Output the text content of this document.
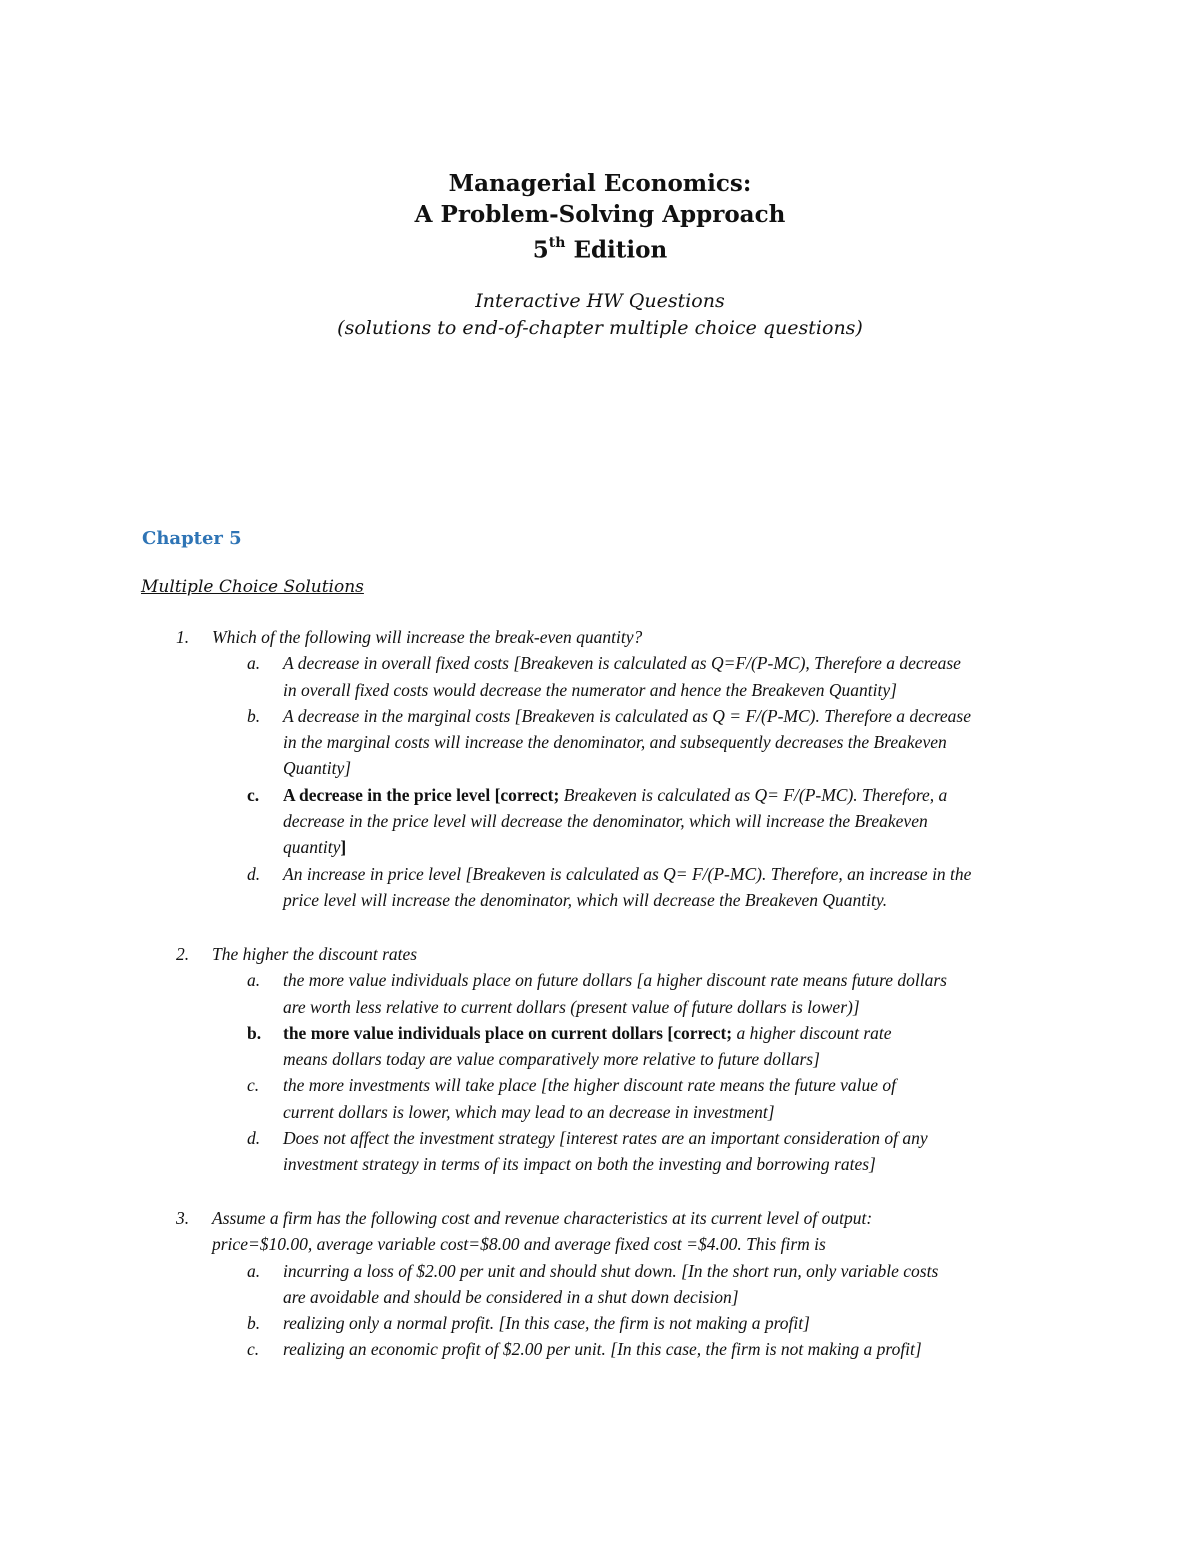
Managerial Economics:
A Problem-Solving Approach
5th Edition
Interactive HW Questions
(solutions to end-of-chapter multiple choice questions)
Chapter 5
Multiple Choice Solutions
1. Which of the following will increase the break-even quantity?

a. A decrease in overall fixed costs [Breakeven is calculated as Q=F/(P-MC), Therefore a decrease
in overall fixed costs would decrease the numerator and hence the Breakeven Quantity]
b. A decrease in the marginal costs [Breakeven is calculated as Q = F/(P-MC). Therefore a decrease
in the marginal costs will increase the denominator, and subsequently decreases the Breakeven
Quantity]
c. A decrease in the price level [correct; Breakeven is calculated as Q= F/(P-MC). Therefore, a
decrease in the price level will decrease the denominator, which will increase the Breakeven
quantity]
d. An increase in price level [Breakeven is calculated as Q= F/(P-MC). Therefore, an increase in the
price level will increase the denominator, which will decrease the Breakeven Quantity.
2. The higher the discount rates

a. the more value individuals place on future dollars [a higher discount rate means future dollars
are worth less relative to current dollars (present value of future dollars is lower)]
b. the more value individuals place on current dollars [correct; a higher discount rate
means dollars today are value comparatively more relative to future dollars]
c. the more investments will take place [the higher discount rate means the future value of
current dollars is lower, which may lead to an decrease in investment]
d. Does not affect the investment strategy [interest rates are an important consideration of any
investment strategy in terms of its impact on both the investing and borrowing rates]
3. Assume a firm has the following cost and revenue characteristics at its current level of output:

price=$10.00, average variable cost=$8.00 and average fixed cost =$4.00. This firm is

a. incurring a loss of $2.00 per unit and should shut down. [In the short run, only variable costs
are avoidable and should be considered in a shut down decision]
b. realizing only a normal profit. [In this case, the firm is not making a profit]
c. realizing an economic profit of $2.00 per unit. [In this case, the firm is not making a profit]
